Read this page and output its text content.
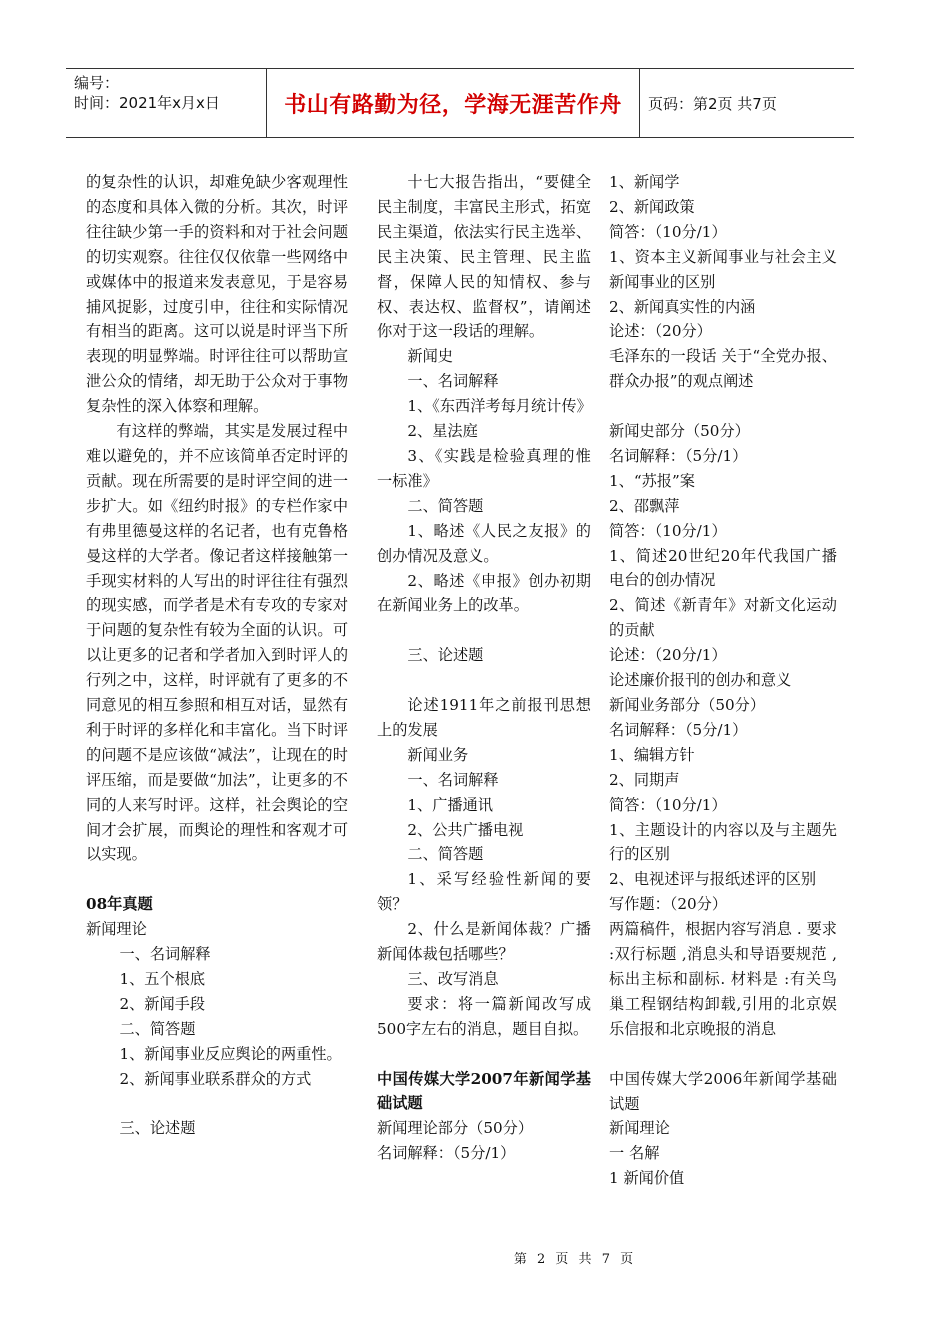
编号：
时间：2021年x月x日	书山有路勤为径，学海无涯苦作舟 页码：第2页 共7页

的复杂性的认识，却难免缺少客观理性的态度和具体入微的分析。其次，时评往往缺少第一手的资料和对于社会问题的切实观察。往往仅仅依靠一些网络中或媒体中的报道来发表意见，于是容易捕风捉影，过度引申，往往和实际情况有相当的距离。这可以说是时评当下所表现的明显弊端。时评往往可以帮助宣泄公众的情绪，却无助于公众对于事物复杂性的深入体察和理解。

有这样的弊端，其实是发展过程中难以避免的，并不应该简单否定时评的贡献。现在所需要的是时评空间的进一步扩大。如《纽约时报》的专栏作家中有弗里德曼这样的名记者，也有克鲁格曼这样的大学者。像记者这样接触第一手现实材料的人写出的时评往往有强烈的现实感，而学者是术有专攻的专家对于问题的复杂性有较为全面的认识。可以让更多的记者和学者加入到时评人的行列之中，这样，时评就有了更多的不同意见的相互参照和相互对话，显然有利于时评的多样化和丰富化。当下时评的问题不是应该做“减法”，让现在的时评压缩，而是要做“加法”，让更多的不同的人来写时评。这样，社会舆论的空间才会扩展，而舆论的理性和客观才可以实现。

08年真题

新闻理论

一、名词解释

1、五个根底

2、新闻手段

二、简答题

1、新闻事业反应舆论的两重性。

2、新闻事业联系群众的方式

三、论述题

十七大报告指出，“要健全民主制度，丰富民主形式，拓宽民主渠道，依法实行民主选举、民主决策、民主管理、民主监督，保障人民的知情权、参与权、表达权、监督权”，请阐述你对于这一段话的理解。

新闻史

一、名词解释

1、《东西洋考每月统计传》

2、星法庭

3、《实践是检验真理的惟一标准》

二、简答题

1、略述《人民之友报》的创办情况及意义。

2、略述《申报》创办初期在新闻业务上的改革。

三、论述题

论述1911年之前报刊思想上的发展

新闻业务

一、名词解释

1、广播通讯

2、公共广播电视

二、简答题

1、采写经验性新闻的要领？

2、什么是新闻体裁？广播新闻体裁包括哪些？

三、改写消息

要求：将一篇新闻改写成500字左右的消息，题目自拟。

中国传媒大学2007年新闻学基础试题

新闻理论部分（50分）

名词解释：（5分/1）

1、新闻学

2、新闻政策

简答：（10分/1）

1、资本主义新闻事业与社会主义新闻事业的区别

2、新闻真实性的内涵

论述：（20分）

毛泽东的一段话 关于“全党办报、群众办报”的观点阐述

新闻史部分（50分）

名词解释：（5分/1）

1、“苏报”案

2、邵飘萍

简答：（10分/1）

1、简述20世纪20年代我国广播电台的创办情况

2、简述《新青年》对新文化运动的贡献

论述：（20分/1）

论述廉价报刊的创办和意义

新闻业务部分（50分）

名词解释：（5分/1）

1、编辑方针

2、同期声

简答：（10分/1）

1、主题设计的内容以及与主题先行的区别

2、电视述评与报纸述评的区别

写作题：（20分）

两篇稿件，根据内容写消息 . 要求 :双行标题 ,消息头和导语要规范 ,标出主标和副标. 材料是 :有关鸟巢工程钢结构卸载,引用的北京娱乐信报和北京晚报的消息

中国传媒大学2006年新闻学基础试题

新闻理论

一 名解

1 新闻价值

第 2 页 共 7 页
